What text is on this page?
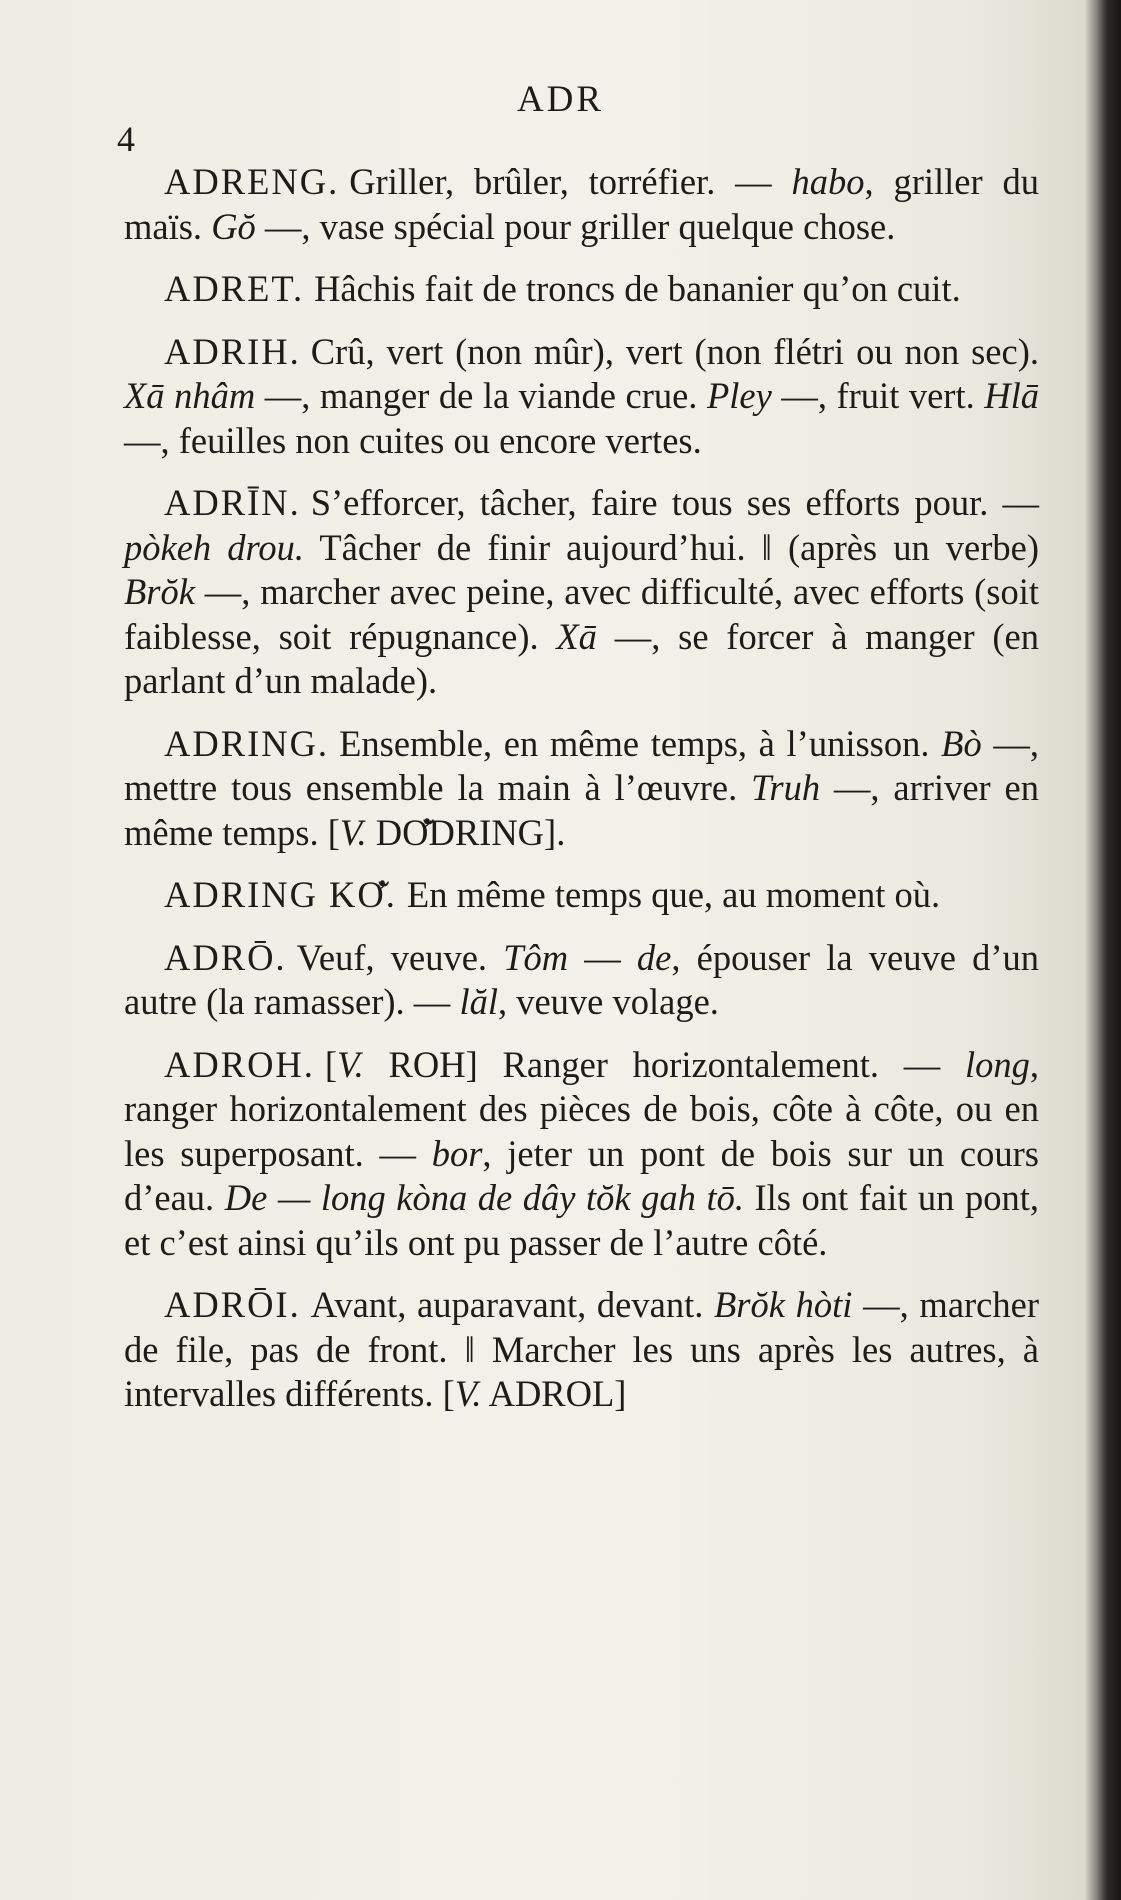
ADR
4

ADRENG. Griller, brûler, torréfier. — habo, griller du maïs. Gŏ —, vase spécial pour griller quelque chose.

ADRET. Hâchis fait de troncs de bananier qu’on cuit.

ADRIH. Crû, vert (non mûr), vert (non flétri ou non sec). Xā nhâm —, manger de la viande crue. Pley —, fruit vert. Hlā —, feuilles non cuites ou encore vertes.

ADRĪN. S’efforcer, tâcher, faire tous ses efforts pour. —pòkeh drou. Tâcher de finir aujourd’hui. ‖ (après un verbe) Brŏk —, marcher avec peine, avec difficulté, avec efforts (soit faiblesse, soit répugnance). Xā —, se forcer à manger (en parlant d’un malade).

ADRING. Ensemble, en même temps, à l’unisson. Bò —, mettre tous ensemble la main à l’œuvre. Truh —, arriver en même temps. [V. DƠ̆DRING].

ADRING KƠ̆. En même temps que, au moment où.

ADRŌ. Veuf, veuve. Tôm — de, épouser la veuve d’un autre (la ramasser). — lăl, veuve volage.

ADROH. [V. ROH] Ranger horizontalement. — long, ranger horizontalement des pièces de bois, côte à côte, ou en les superposant. — bor, jeter un pont de bois sur un cours d’eau. De — long kòna de dây tŏk gah tō. Ils ont fait un pont, et c’est ainsi qu’ils ont pu passer de l’autre côté.

ADRŌI. Avant, auparavant, devant. Brŏk hòti —, marcher de file, pas de front. ‖ Marcher les uns après les autres, à intervalles différents. [V. ADROL]
